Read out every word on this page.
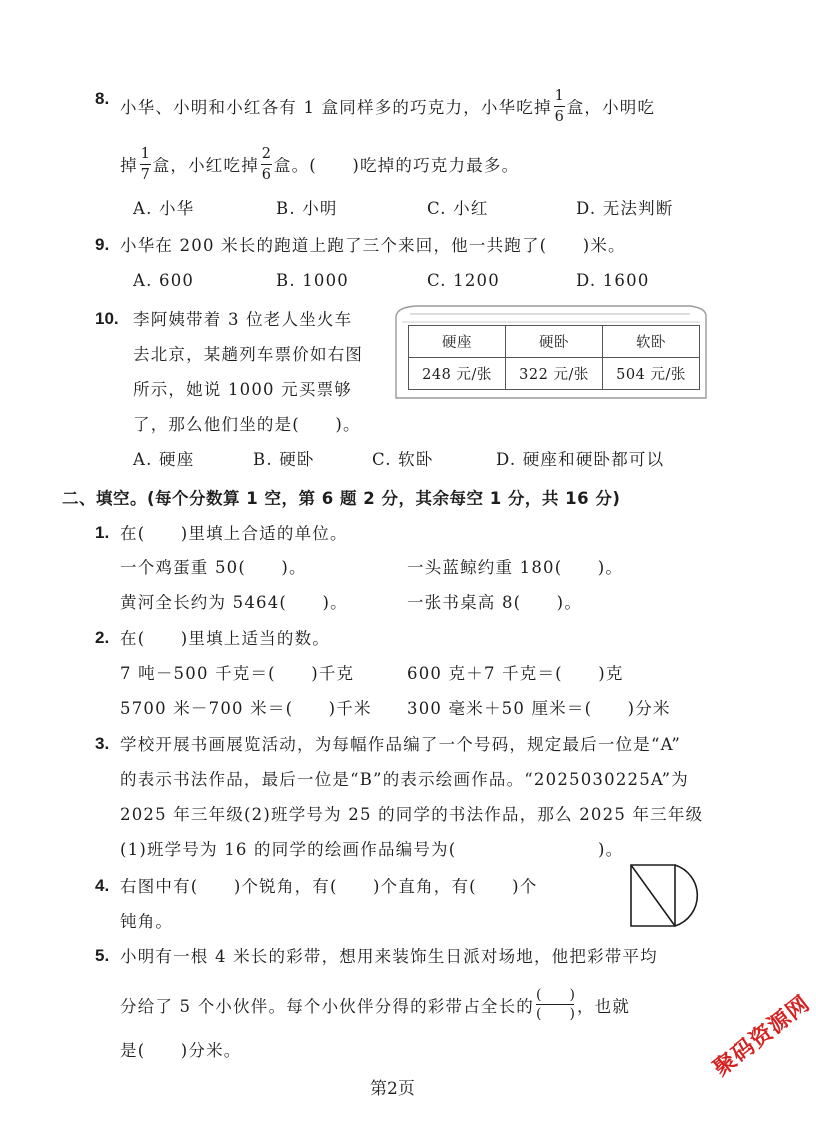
8. 小华、小明和小红各有 1 盒同样多的巧克力，小华吃掉 $\frac{1}{6}$ 盒，小明吃
掉 $\frac{1}{7}$ 盒，小红吃掉 $\frac{2}{6}$ 盒。(　　)吃掉的巧克力最多。
A. 小华	B. 小明	C. 小红	D. 无法判断
9. 小华在 200 米长的跑道上跑了三个来回，他一共跑了(　　)米。
A. 600	B. 1000	C. 1200	D. 1600
10. 李阿姨带着 3 位老人坐火车
去北京，某趟列车票价如右图
所示，她说 1000 元买票够
了，那么他们坐的是(　　)。
硬座	硬卧	软卧
248 元/张	322 元/张	504 元/张
A. 硬座	B. 硬卧	C. 软卧	D. 硬座和硬卧都可以
二、填空。(每个分数算 1 空，第 6 题 2 分，其余每空 1 分，共 16 分)
1. 在(　　)里填上合适的单位。
一个鸡蛋重 50(　　)。	一头蓝鲸约重 180(　　)。
黄河全长约为 5464(　　)。	一张书桌高 8(　　)。
2. 在(　　)里填上适当的数。
7 吨－500 千克＝(　　)千克	600 克＋7 千克＝(　　)克
5700 米－700 米＝(　　)千米 300 毫米＋50 厘米＝(　　)分米
3. 学校开展书画展览活动，为每幅作品编了一个号码，规定最后一位是“A”
的表示书法作品，最后一位是“B”的表示绘画作品。“2025030225A”为
2025 年三年级(2)班学号为 25 的同学的书法作品，那么 2025 年三年级
(1)班学号为 16 的同学的绘画作品编号为(　　　　　　　　)。
4. 右图中有(　　)个锐角，有(　　)个直角，有(　　)个
钝角。
5. 小明有一根 4 米长的彩带，想用来装饰生日派对场地，他把彩带平均
分给了 5 个小伙伴。每个小伙伴分得的彩带占全长的 $\frac{( )}{( )}$ ，也就
是(　　)分米。
第2页
聚码资源网
